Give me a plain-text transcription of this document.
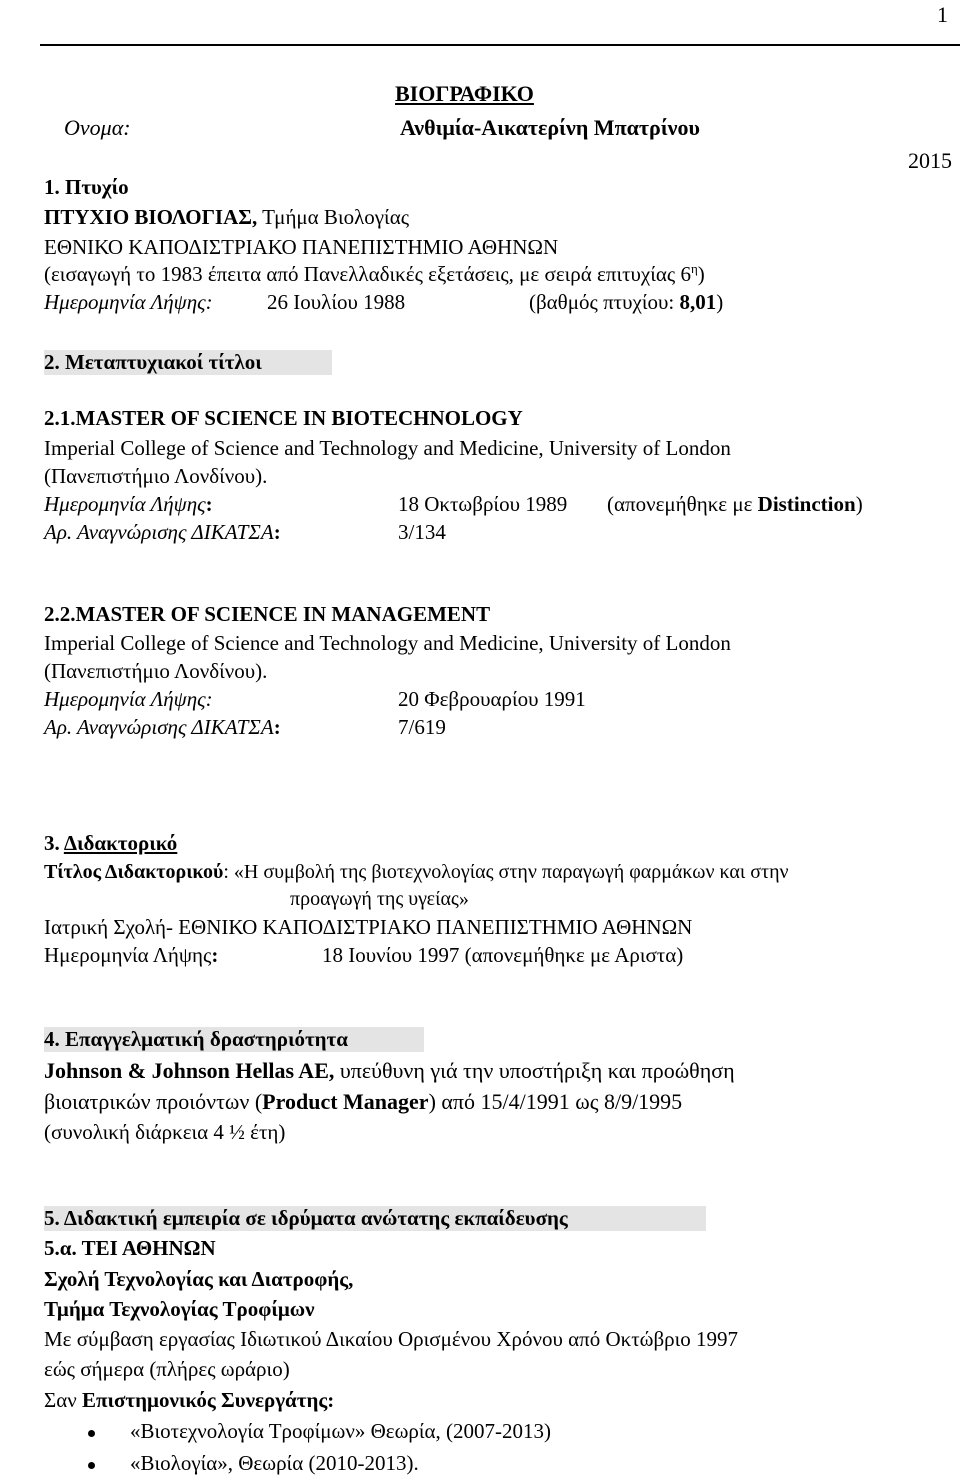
1
ΒΙΟΓΡΑΦΙΚΟ
Ονομα:	Ανθιμία-Αικατερίνη Μπατρίνου
2015
1. Πτυχίο
ΠΤΥΧΙΟ ΒΙΟΛΟΓΙΑΣ, Τμήμα Βιολογίας
ΕΘΝΙΚΟ ΚΑΠΟΔΙΣΤΡΙΑΚΟ ΠΑΝΕΠΙΣΤΗΜΙΟ ΑΘΗΝΩΝ
(εισαγωγή το 1983 έπειτα από Πανελλαδικές εξετάσεις, με σειρά επιτυχίας $6^\eta$)
Ημερομηνία Λήψης:	26 Ιουλίου 1988	(βαθμός πτυχίου: 8,01)
2. Μεταπτυχιακοί τίτλοι
2.1.MASTER OF SCIENCE IN BIOTECHNOLOGY
Imperial College of Science and Technology and Medicine, University of London
(Πανεπιστήμιο Λονδίνου).
Ημερομηνία Λήψης:	18 Οκτωβρίου 1989 (απονεμήθηκε με Distinction)
Αρ. Αναγνώρισης ΔΙΚΑΤΣΑ:	3/134
2.2.MASTER OF SCIENCE IN MANAGEMENT
Imperial College of Science and Technology and Medicine, University of London
(Πανεπιστήμιο Λονδίνου).
Ημερομηνία Λήψης:	20 Φεβρουαρίου 1991
Αρ. Αναγνώρισης ΔΙΚΑΤΣΑ:	7/619
3. Διδακτορικό
Τίτλος Διδακτορικού: «Η συμβολή της βιοτεχνολογίας στην παραγωγή φαρμάκων και στην
προαγωγή της υγείας»
Ιατρική Σχολή- ΕΘΝΙΚΟ ΚΑΠΟΔΙΣΤΡΙΑΚΟ ΠΑΝΕΠΙΣΤΗΜΙΟ ΑΘΗΝΩΝ
Ημερομηνία Λήψης:	18 Ιουνίου 1997 (απονεμήθηκε με Αριστα)
4. Επαγγελματική δραστηριότητα
Johnson & Johnson Hellas AE, υπεύθυνη γιά την υποστήριξη και προώθηση
βιοιατρικών προιόντων (Product Manager) από 15/4/1991 ως 8/9/1995
(συνολική διάρκεια 4 ½ έτη)
5. Διδακτική εμπειρία σε ιδρύματα ανώτατης εκπαίδευσης
5.α. ΤΕΙ ΑΘΗΝΩΝ
Σχολή Τεχνολογίας και Διατροφής,
Τμήμα Τεχνολογίας Τροφίμων
Με σύμβαση εργασίας Ιδιωτικού Δικαίου Ορισμένου Χρόνου από Οκτώβριο 1997
εώς σήμερα (πλήρες ωράριο)
Σαν Επιστημονικός Συνεργάτης:
«Βιοτεχνολογία Τροφίμων» Θεωρία, (2007-2013)
«Βιολογία», Θεωρία (2010-2013).
